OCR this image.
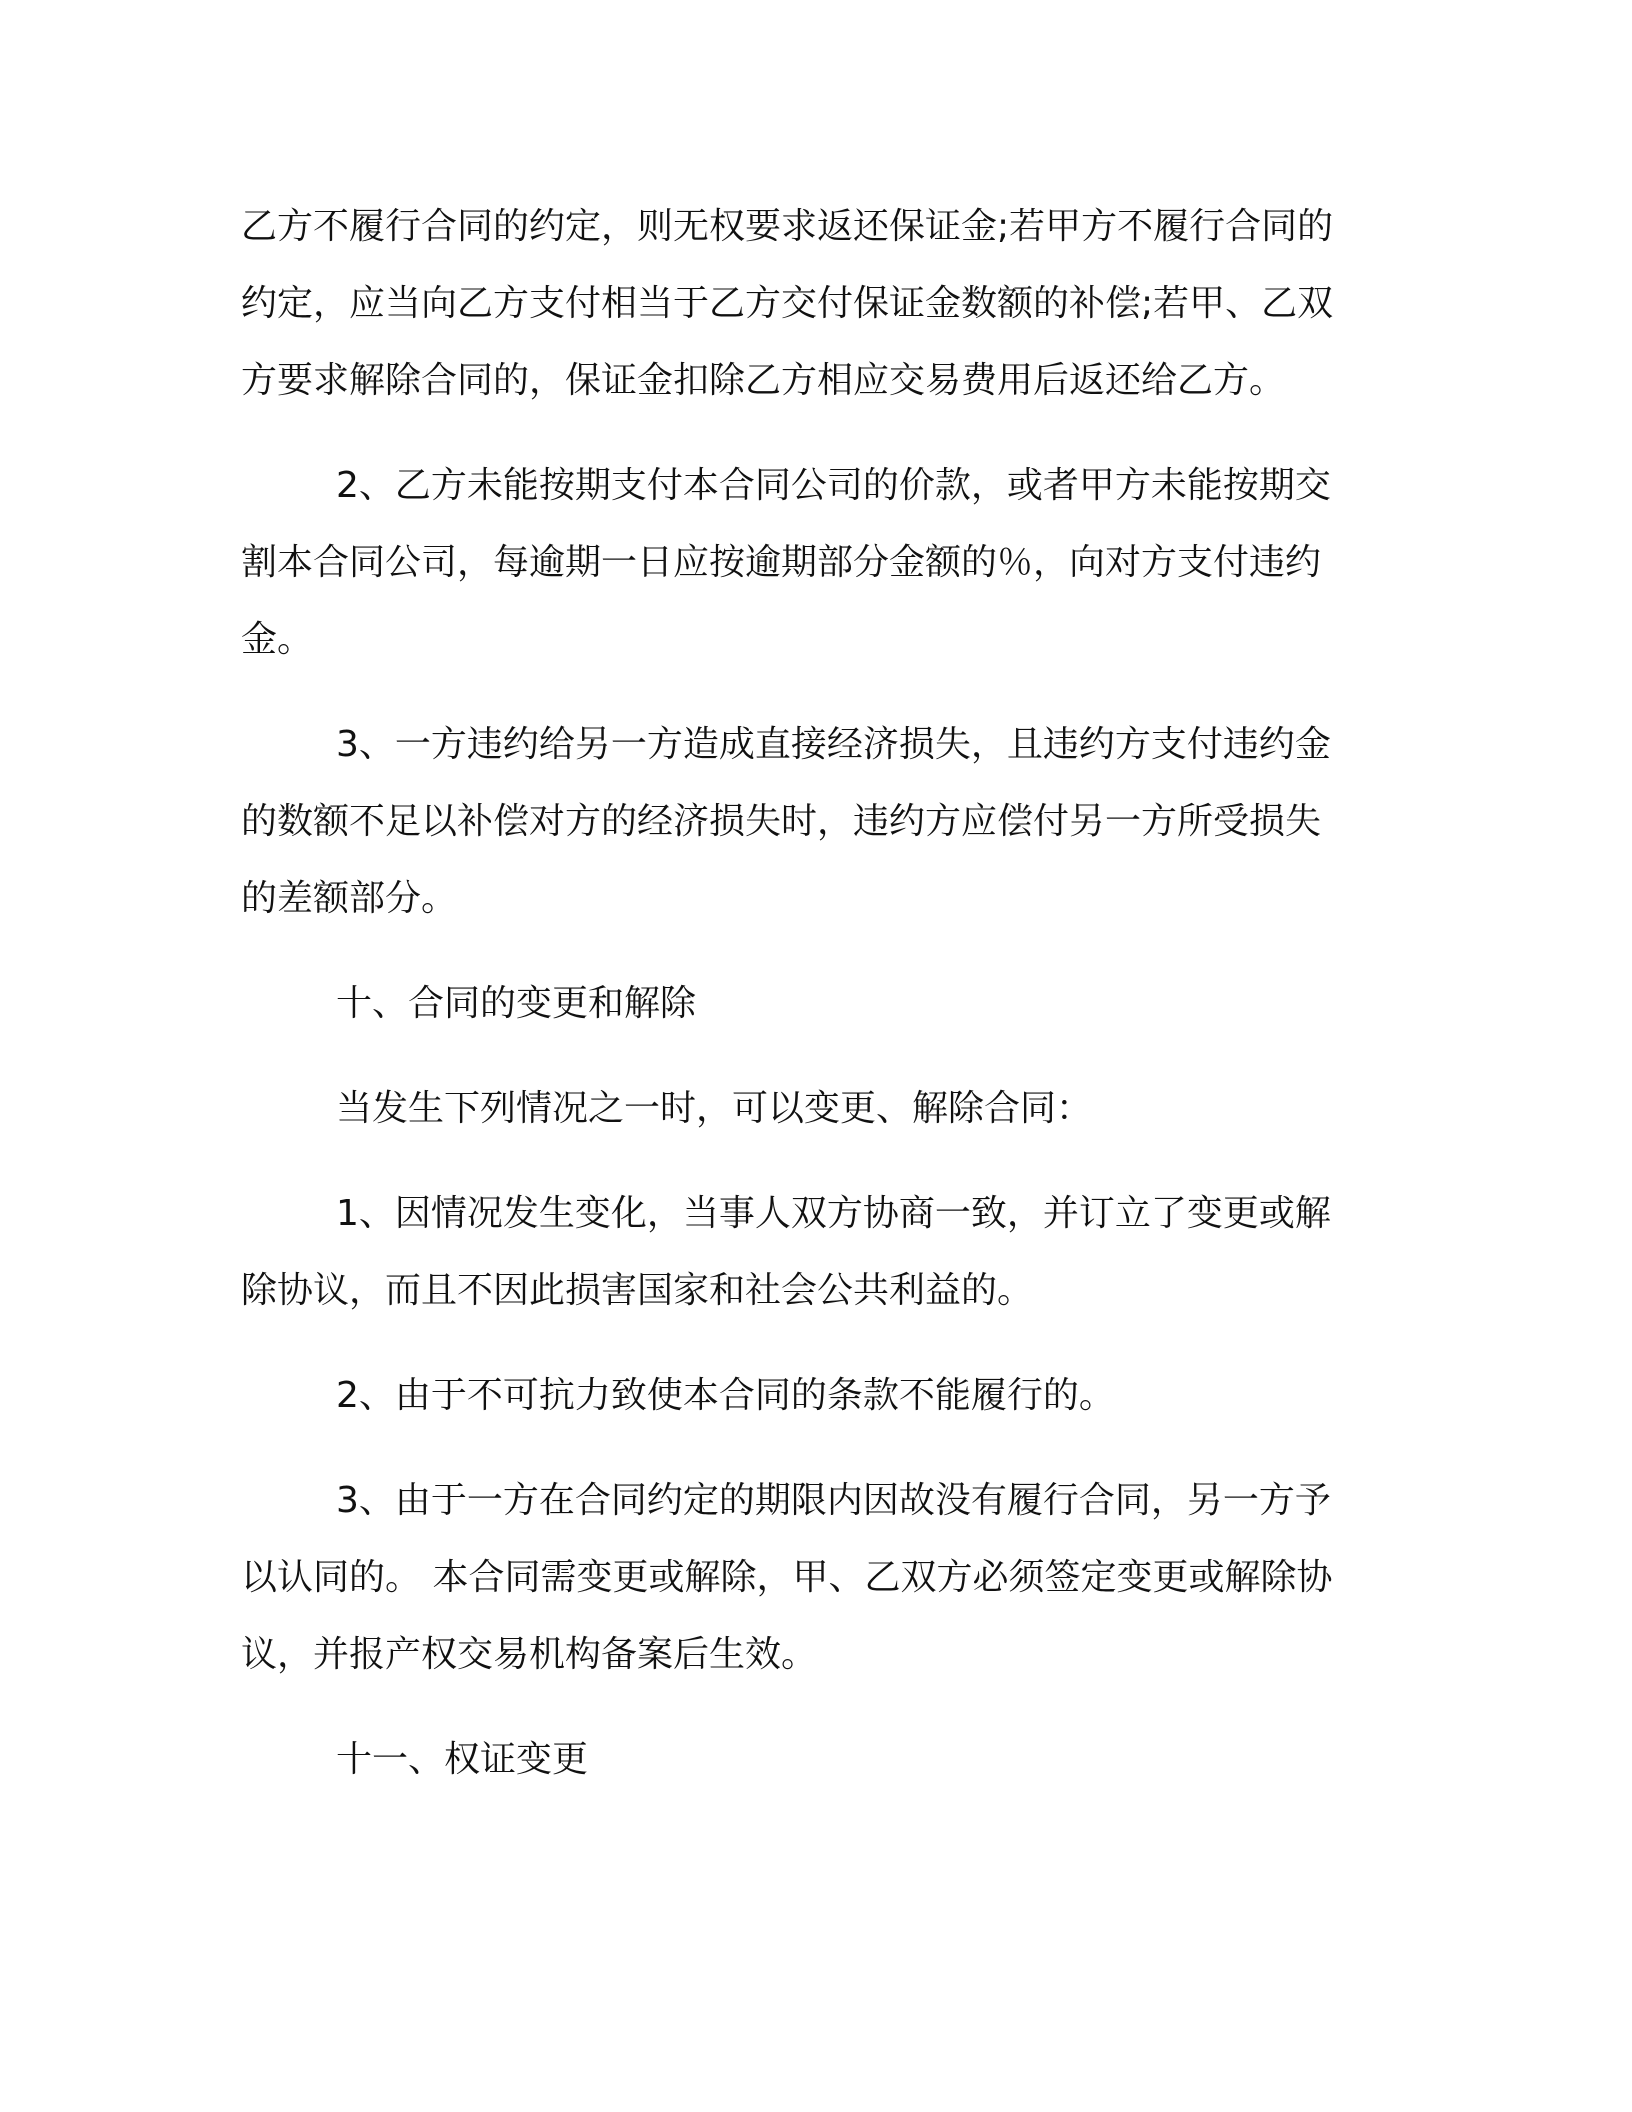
乙方不履行合同的约定，则无权要求返还保证金;若甲方不履行合同的
约定，应当向乙方支付相当于乙方交付保证金数额的补偿;若甲、乙双
方要求解除合同的，保证金扣除乙方相应交易费用后返还给乙方。
2、乙方未能按期支付本合同公司的价款，或者甲方未能按期交
割本合同公司，每逾期一日应按逾期部分金额的％，向对方支付违约
金。
3、一方违约给另一方造成直接经济损失，且违约方支付违约金
的数额不足以补偿对方的经济损失时，违约方应偿付另一方所受损失
的差额部分。
十、合同的变更和解除
当发生下列情况之一时，可以变更、解除合同：
1、因情况发生变化，当事人双方协商一致，并订立了变更或解
除协议，而且不因此损害国家和社会公共利益的。
2、由于不可抗力致使本合同的条款不能履行的。
3、由于一方在合同约定的期限内因故没有履行合同，另一方予
以认同的。 本合同需变更或解除，甲、乙双方必须签定变更或解除协
议，并报产权交易机构备案后生效。
十一、权证变更
